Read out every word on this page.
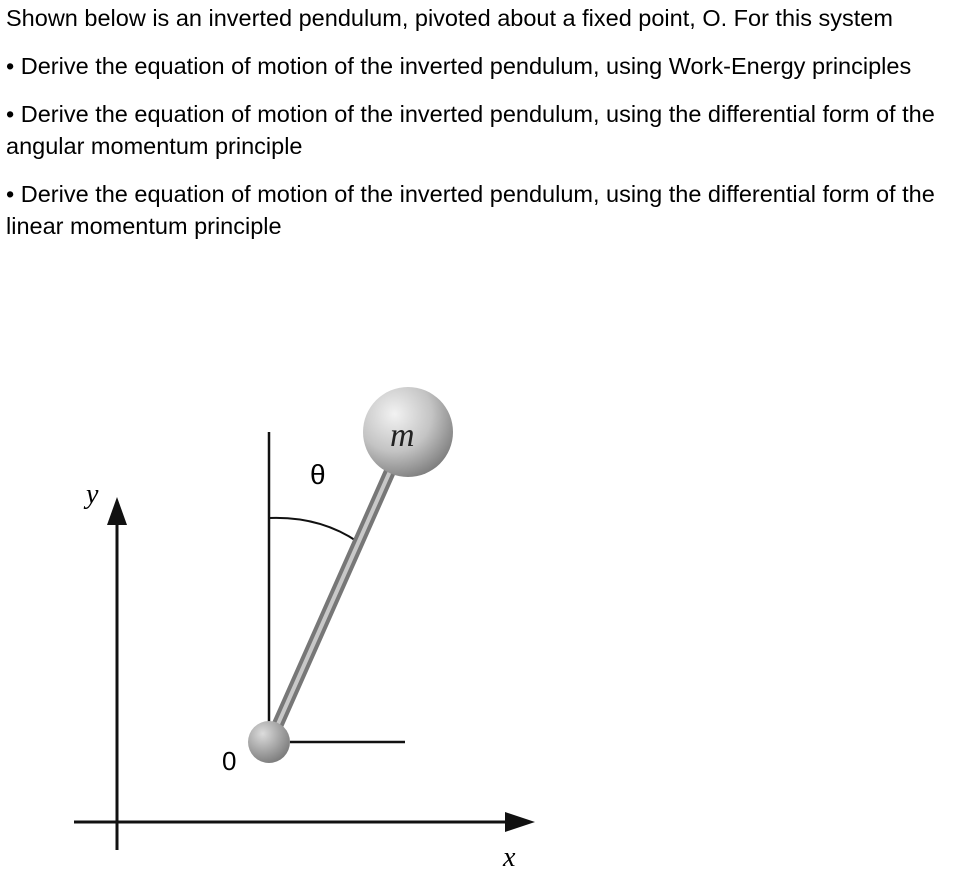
Shown below is an inverted pendulum, pivoted about a fixed point, O. For this system

• Derive the equation of motion of the inverted pendulum, using Work-Energy principles
• Derive the equation of motion of the inverted pendulum, using the differential form of the angular momentum principle
• Derive the equation of motion of the inverted pendulum, using the differential form of the linear momentum principle
y
x
θ
m
0
